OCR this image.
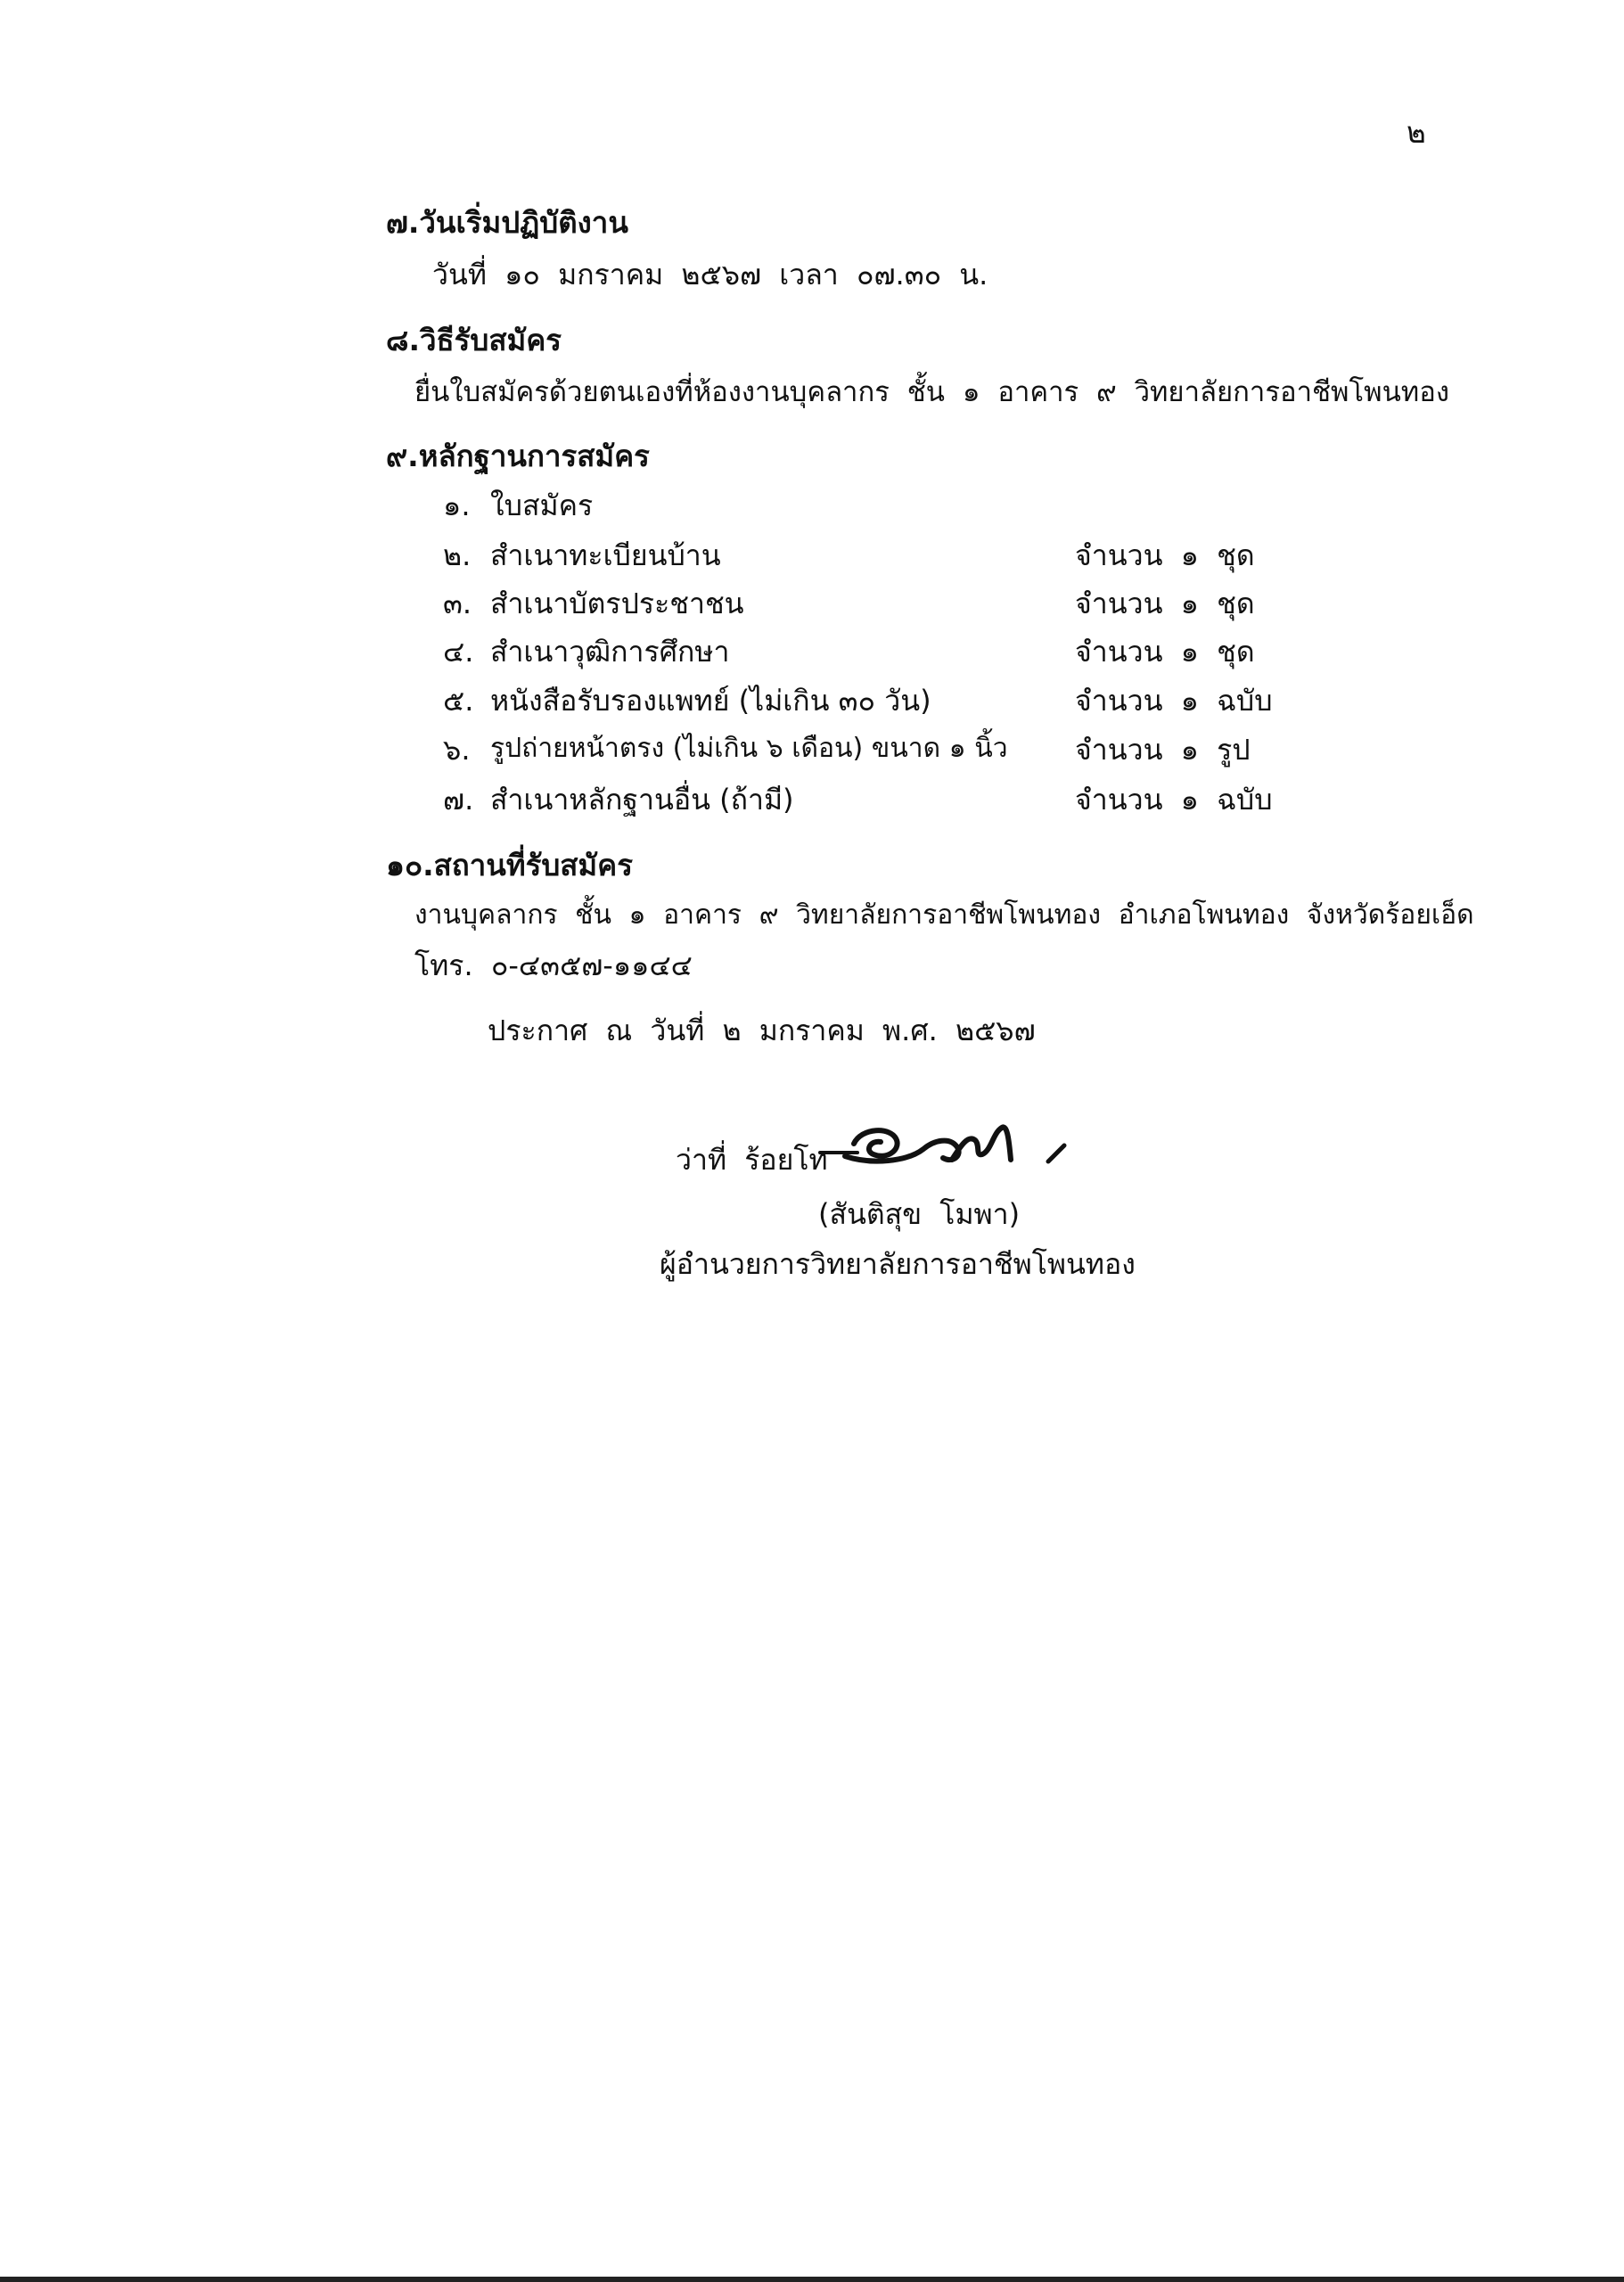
๒
๗.วันเริ่มปฏิบัติงาน
วันที่ ๑๐ มกราคม ๒๕๖๗ เวลา ๐๗.๓๐ น.
๘.วิธีรับสมัคร
ยื่นใบสมัครด้วยตนเองที่ห้องงานบุคลากร ชั้น ๑ อาคาร ๙ วิทยาลัยการอาชีพโพนทอง
๙.หลักฐานการสมัคร
๑. ใบสมัคร
๒. สำเนาทะเบียนบ้าน	จำนวน ๑ ชุด
๓. สำเนาบัตรประชาชน	จำนวน ๑ ชุด
๔. สำเนาวุฒิการศึกษา	จำนวน ๑ ชุด
๕. หนังสือรับรองแพทย์ (ไม่เกิน ๓๐ วัน)	จำนวน ๑ ฉบับ
๖. รูปถ่ายหน้าตรง (ไม่เกิน ๖ เดือน) ขนาด ๑ นิ้ว จำนวน ๑ รูป
๗. สำเนาหลักฐานอื่น (ถ้ามี)	จำนวน ๑ ฉบับ
๑๐.สถานที่รับสมัคร
งานบุคลากร ชั้น ๑ อาคาร ๙ วิทยาลัยการอาชีพโพนทอง อำเภอโพนทอง จังหวัดร้อยเอ็ด
โทร. ๐-๔๓๕๗-๑๑๔๔
ประกาศ ณ วันที่ ๒ มกราคม พ.ศ. ๒๕๖๗
ว่าที่ ร้อยโท
(สันติสุข โมพา)
ผู้อำนวยการวิทยาลัยการอาชีพโพนทอง
